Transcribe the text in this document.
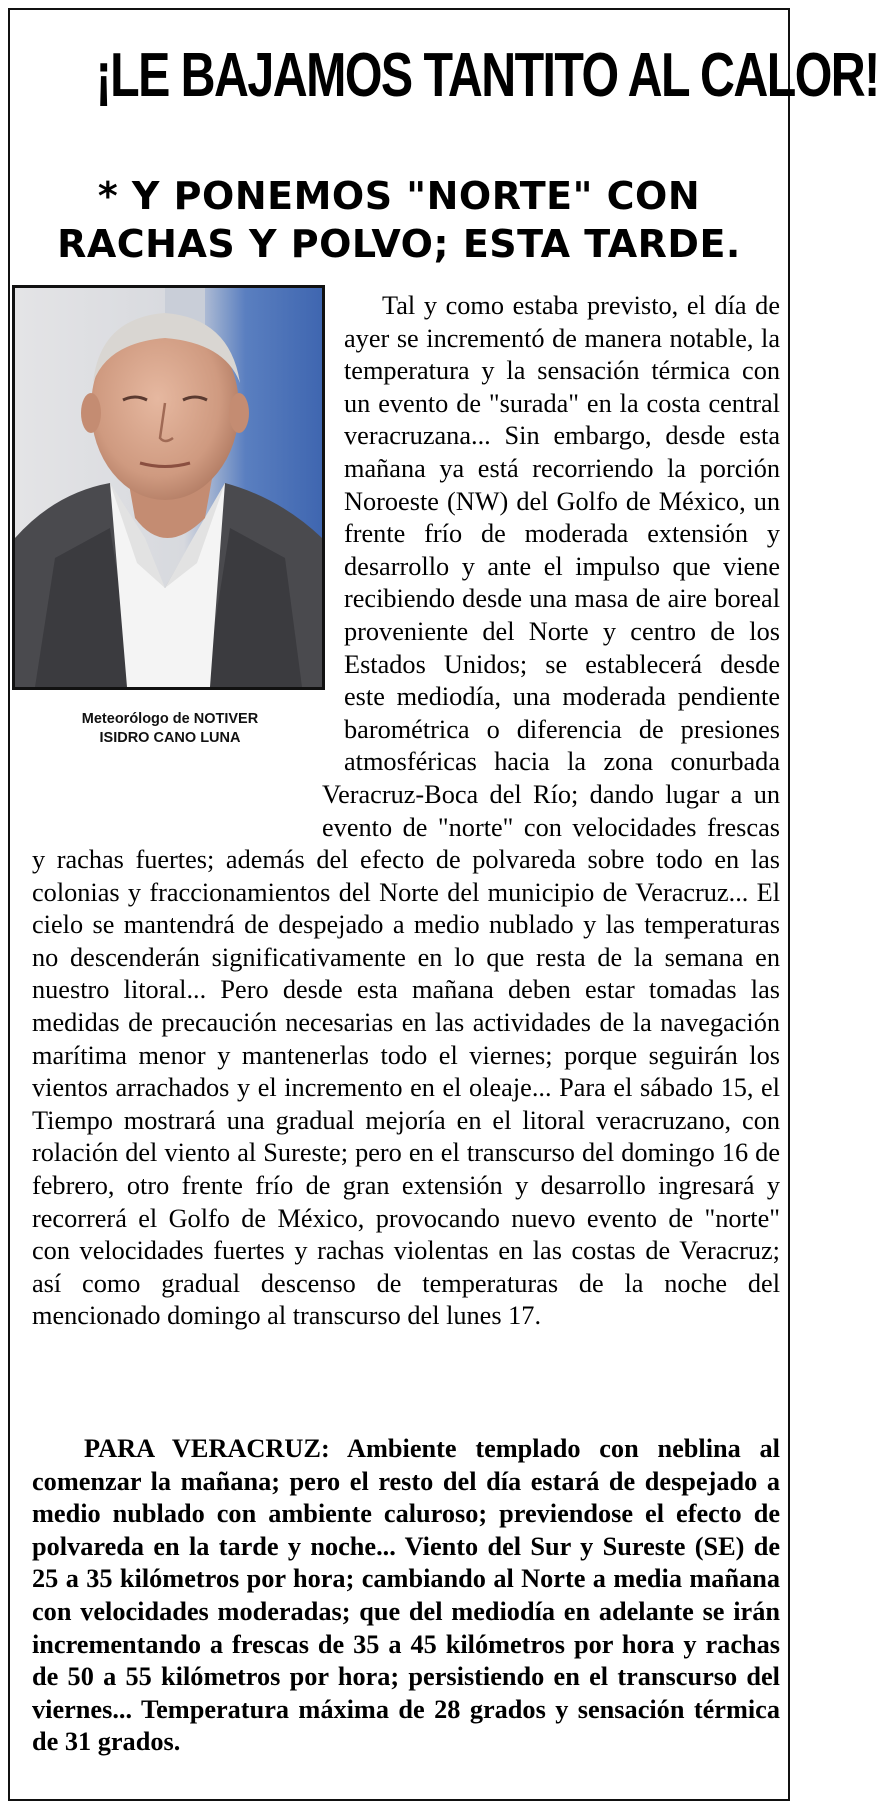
¡LE BAJAMOS TANTITO AL CALOR!
* Y PONEMOS "NORTE" CON
RACHAS Y POLVO; ESTA TARDE.
Meteorólogo de NOTIVER
ISIDRO CANO LUNA

Tal y como estaba previsto, el día de ayer se incrementó de manera notable, la temperatura y la sensación térmica con un evento de "surada" en la costa central veracruzana... Sin embargo, desde esta mañana ya está recorriendo la porción Noroeste (NW) del Golfo de México, un frente frío de moderada extensión y desarrollo y ante el impulso que viene recibiendo desde una masa de aire boreal proveniente del Norte y centro de los Estados Unidos; se establecerá desde este mediodía, una moderada pendiente barométrica o diferencia de presiones atmosféricas hacia la zona conurbada Veracruz-Boca del Río; dando lugar a un evento de "norte" con velocidades frescas y rachas fuertes; además del efecto de polvareda sobre todo en las colonias y fraccionamientos del Norte del municipio de Veracruz... El cielo se mantendrá de despejado a medio nublado y las temperaturas no descenderán significativamente en lo que resta de la semana en nuestro litoral... Pero desde esta mañana deben estar tomadas las medidas de precaución necesarias en las actividades de la navegación marítima menor y mantenerlas todo el viernes; porque seguirán los vientos arrachados y el incremento en el oleaje... Para el sábado 15, el Tiempo mostrará una gradual mejoría en el litoral veracruzano, con rolación del viento al Sureste; pero en el transcurso del domingo 16 de febrero, otro frente frío de gran extensión y desarrollo ingresará y recorrerá el Golfo de México, provocando nuevo evento de "norte" con velocidades fuertes y rachas violentas en las costas de Veracruz; así como gradual descenso de temperaturas de la noche del mencionado domingo al transcurso del lunes 17.

PARA VERACRUZ: Ambiente templado con neblina al comenzar la mañana; pero el resto del día estará de despejado a medio nublado con ambiente caluroso; previendose el efecto de polvareda en la tarde y noche... Viento del Sur y Sureste (SE) de 25 a 35 kilómetros por hora; cambiando al Norte a media mañana con velocidades moderadas; que del mediodía en adelante se irán incrementando a frescas de 35 a 45 kilómetros por hora y rachas de 50 a 55 kilómetros por hora; persistiendo en el transcurso del viernes... Temperatura máxima de 28 grados y sensación térmica de 31 grados.
